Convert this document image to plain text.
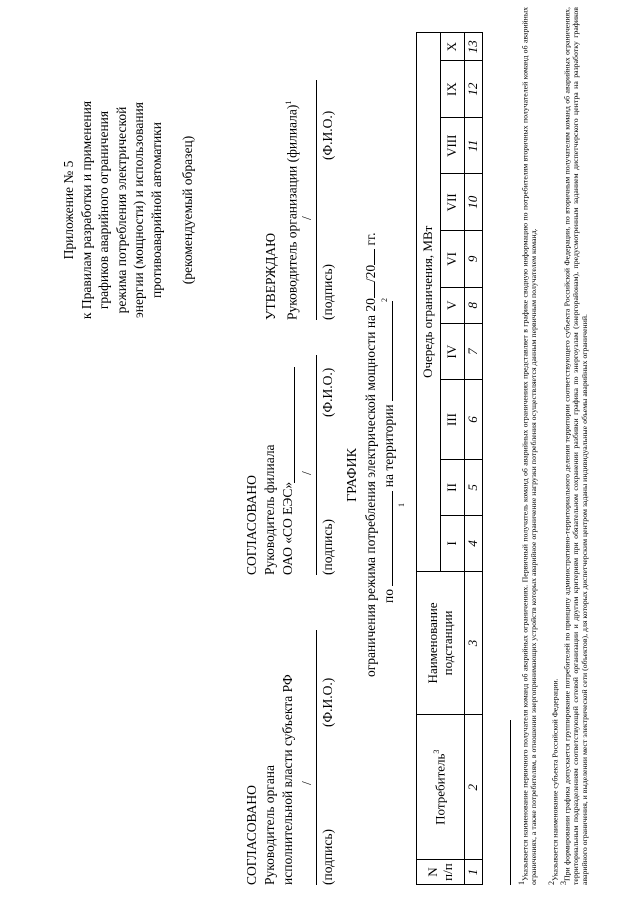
Приложение № 5 к Правилам разработки и применения графиков аварийного ограничения режима потребления электрической энергии (мощности) и использования противоаварийной автоматики (рекомендуемый образец)
СОГЛАСОВАНО Руководитель органа исполнительной власти субъекта РФ /
(подпись)
(Ф.И.О.)
СОГЛАСОВАНО Руководитель филиала ОАО «СО ЕЭС»
/
(подпись)
(Ф.И.О.)
УТВЕРЖДАЮ Руководитель организации (филиала)$^1$
/
(подпись)
(Ф.И.О.)
ГРАФИК ограничения режима потребления электрической мощности на 20/20 гг.
2
по  на территории
1
N п/п	Потребитель$^3$	Наименование подстанции	Очередь ограничения, МВт									
			I	II	III	IV	V	VI	VII	VIII	IX	X
1	2	3	4	5	6	7	8	9	10	11	12	13
$^1$Указывается наименование первичного получателя команд об аварийных ограничениях. Первичный получатель команд об аварийных ограничениях представляет в графике сводную информацию по потребителям вторичных получателей команд об аварийных ограничениях, а также потребителям, в отношении энергопринимающих устройств которых аварийное ограничение нагрузки потребления осуществляется данным первичным получателем команд. $^2$Указывается наименование субъекта Российской Федерации.
$^3$При формировании графика допускается группирование потребителей по принципу административно-территориального деления территории соответствующего субъекта Российской Федерации, по вторичным получателям команд об аварийных ограничениях, территориальным подразделениям соответствующей сетевой организации и другим критериям при обязательном сохранении разбивки графика по энергоузлам (энергорайонам), предусмотренным заданием диспетчерского центра на разработку графиков аварийного ограничения, и выделении мест электрической сети (объектов), для которых диспетчерским центром заданы индивидуальные объемы аварийных ограничений.
